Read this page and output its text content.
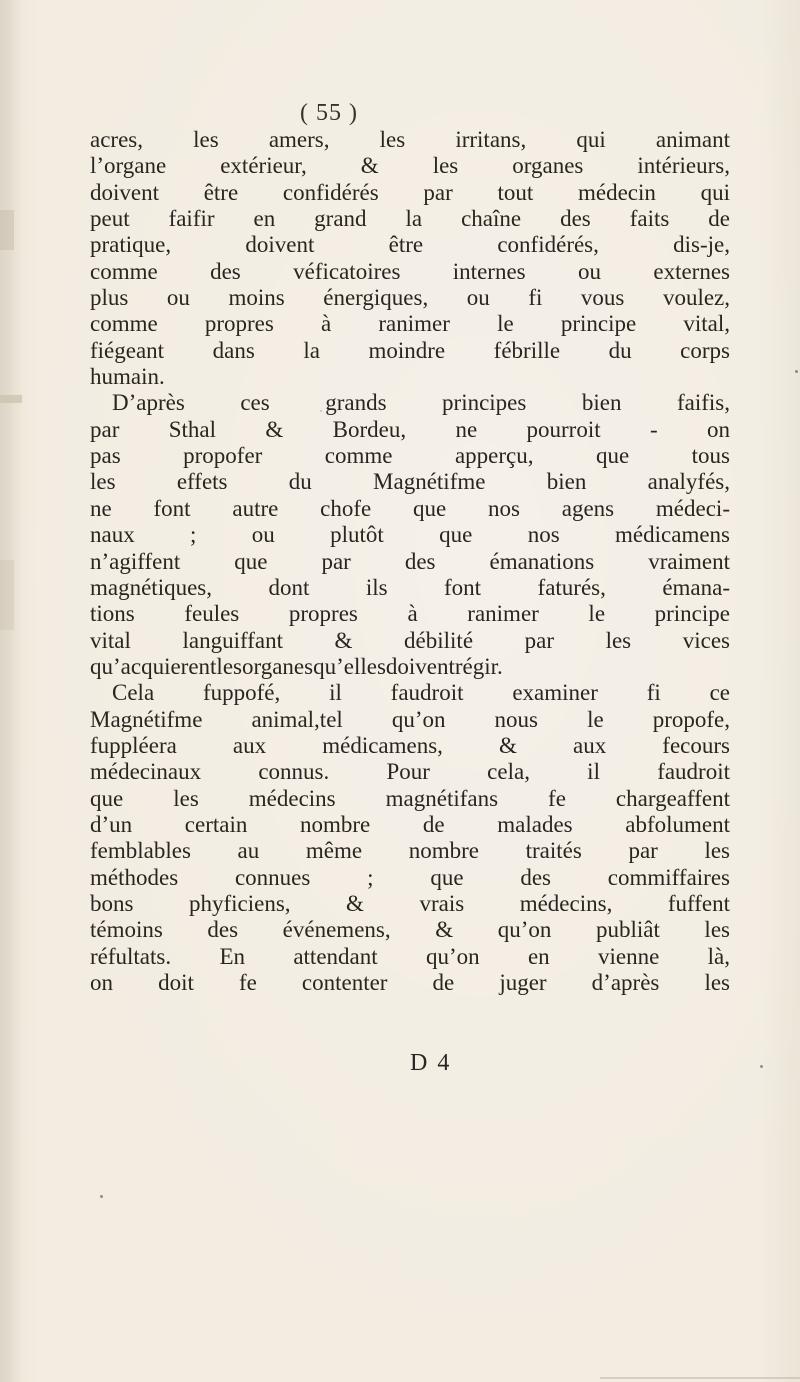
( 55 )
acres, les amers, les irritans, qui animant
l’organe extérieur, & les organes intérieurs,
doivent être confidérés par tout médecin qui
peut faifir en grand la chaîne des faits de
pratique, doivent être confidérés, dis-je,
comme des véficatoires internes ou externes
plus ou moins énergiques, ou fi vous voulez,
comme propres à ranimer le principe vital,
fiégeant dans la moindre fébrille du corps
humain.
D’après ces grands principes bien faifis,
par Sthal & Bordeu, ne pourroit - on
pas propofer comme apperçu, que tous
les effets du Magnétifme bien analyfés,
ne font autre chofe que nos agens médeci-
naux ; ou plutôt que nos médicamens
n’agiffent que par des émanations vraiment
magnétiques, dont ils font faturés, émana-
tions feules propres à ranimer le principe
vital languiffant & débilité par les vices
qu’acquierentlesorganesqu’ellesdoiventrégir.
Cela fuppofé, il faudroit examiner fi ce
Magnétifme animal,tel qu’on nous le propofe,
fuppléera aux médicamens, & aux fecours
médecinaux connus. Pour cela, il faudroit
que les médecins magnétifans fe chargeaffent
d’un certain nombre de malades abfolument
femblables au même nombre traités par les
méthodes connues ; que des commiffaires
bons phyficiens, & vrais médecins, fuffent
témoins des événemens, & qu’on publiât les
réfultats. En attendant qu’on en vienne là,
on doit fe contenter de juger d’après les
D 4
